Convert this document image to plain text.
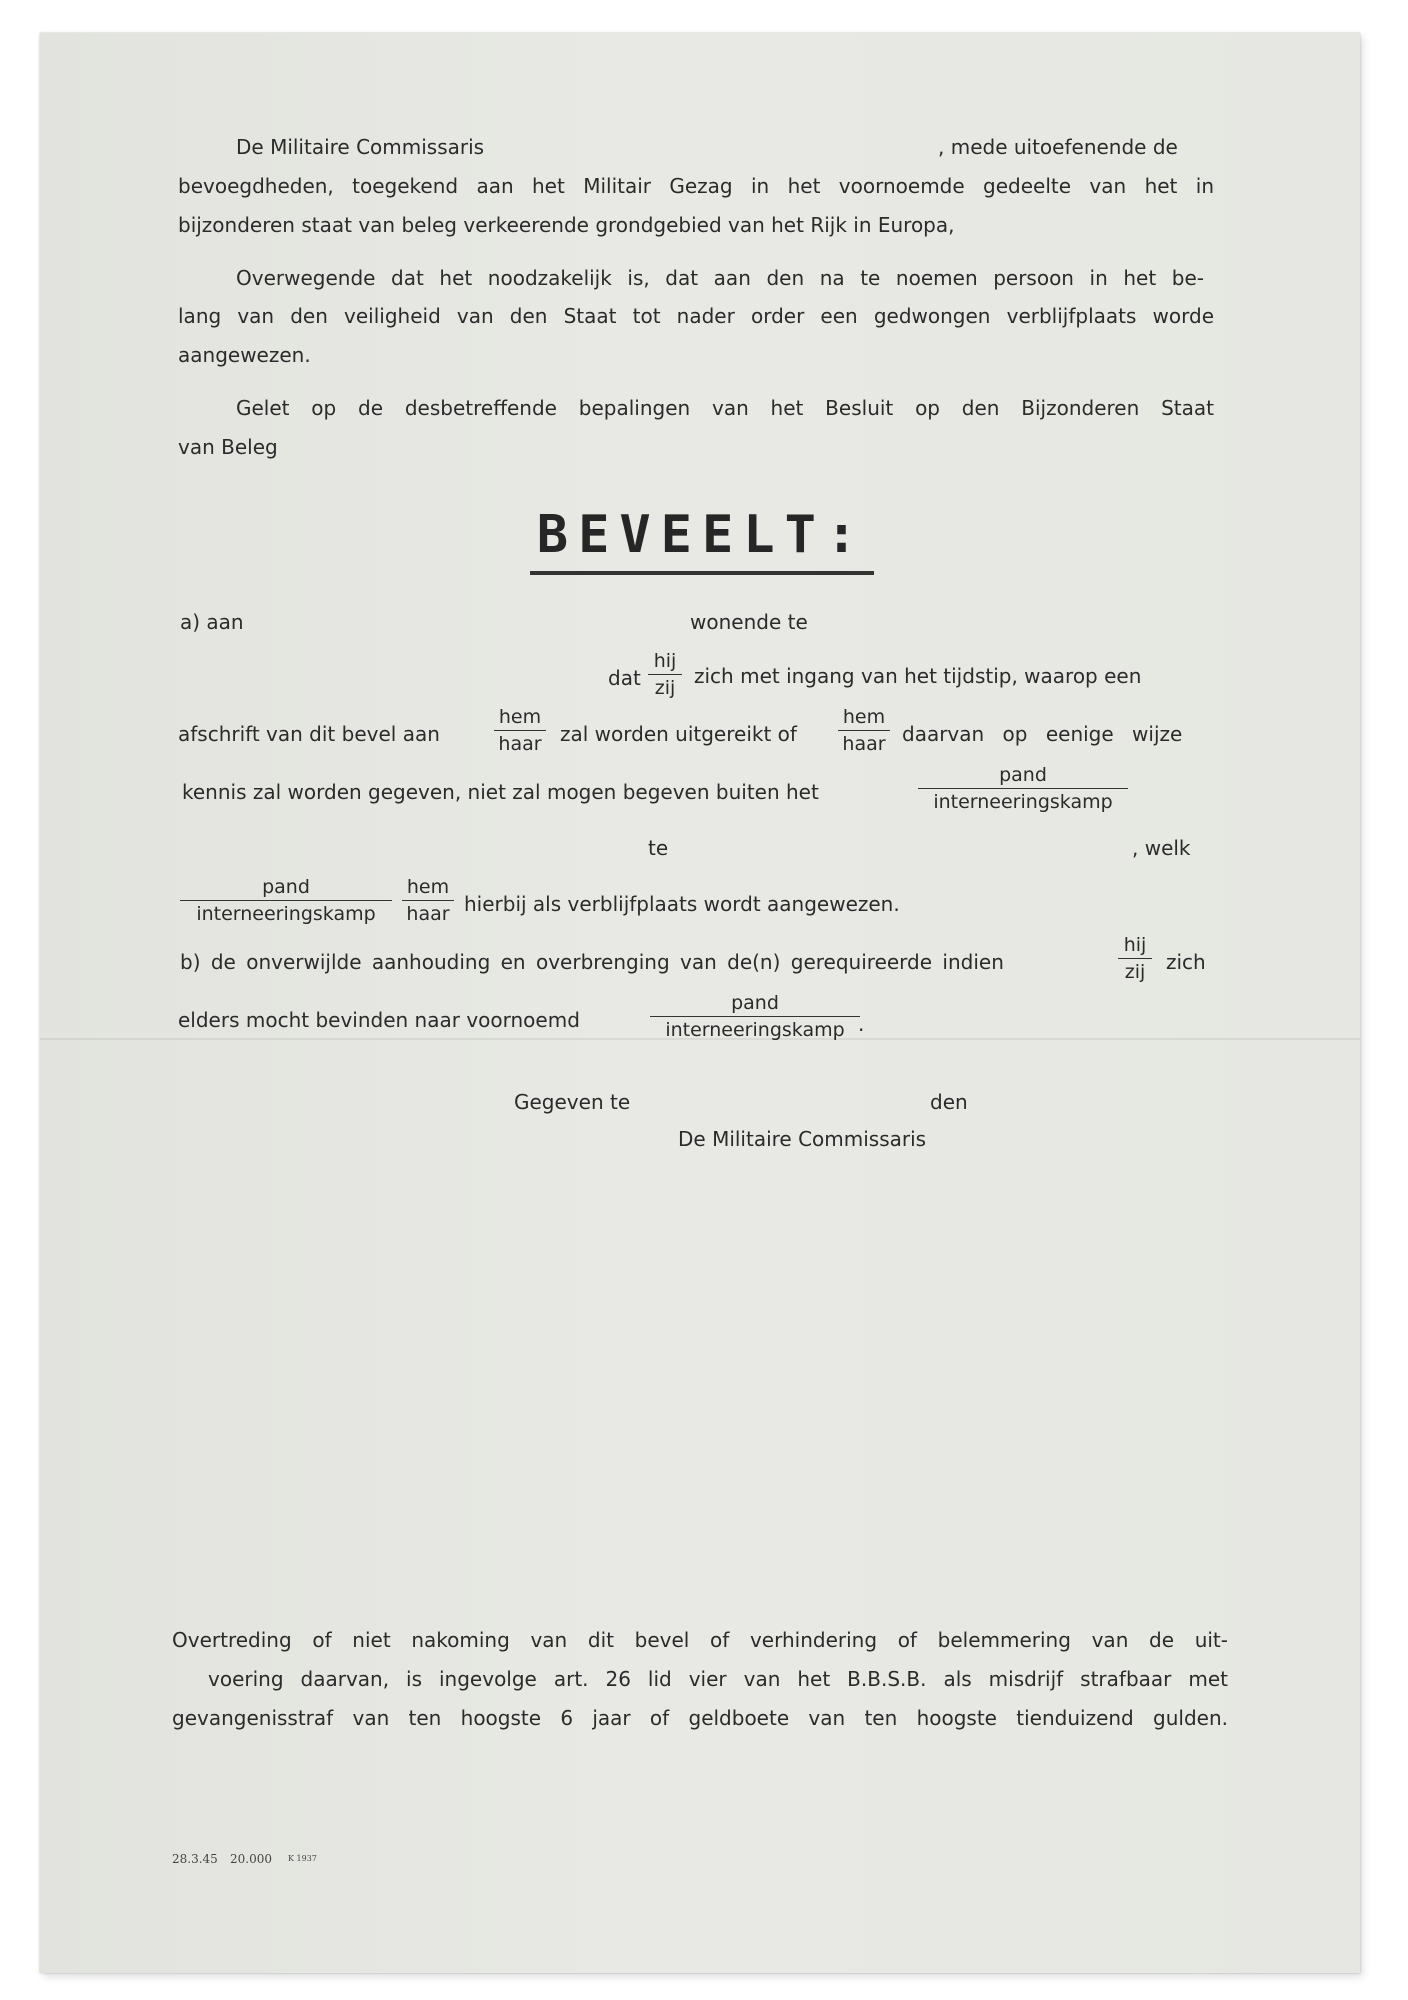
De Militaire Commissaris	, mede uitoefenende de
bevoegdheden, toegekend aan het Militair Gezag in het voornoemde gedeelte van het in
bijzonderen staat van beleg verkeerende grondgebied van het Rijk in Europa,
Overwegende dat het noodzakelijk is, dat aan den na te noemen persoon in het be-
lang van den veiligheid van den Staat tot nader order een gedwongen verblijfplaats worde
aangewezen.
Gelet op de desbetreffende bepalingen van het Besluit op den Bijzonderen Staat
van Beleg
BEVEELT:
a) aan	wonende te
dat
hij
zij zich met ingang van het tijdstip, waarop een
afschrift van dit bevel aan
hem
haar zal worden uitgereikt of
hem
haar daarvan op eenige wijze
kennis zal worden gegeven, niet zal mogen begeven buiten het
pand
interneeringskamp
te	, welk
pand
interneeringskamp
hem
haar hierbij als verblijfplaats wordt aangewezen.
b) de onverwijlde aanhouding en overbrenging van de(n) gerequireerde indien
hij
zij	zich
elders mocht bevinden naar voornoemd
pand
interneeringskamp .
Gegeven te	den
De Militaire Commissaris
Overtreding of niet nakoming van dit bevel of verhindering of belemmering van de uit-
voering daarvan, is ingevolge art. 26 lid vier van het B.B.S.B. als misdrijf strafbaar met
gevangenisstraf van ten hoogste 6 jaar of geldboete van ten hoogste tienduizend gulden.
28.3.45 20.000 K 1937
